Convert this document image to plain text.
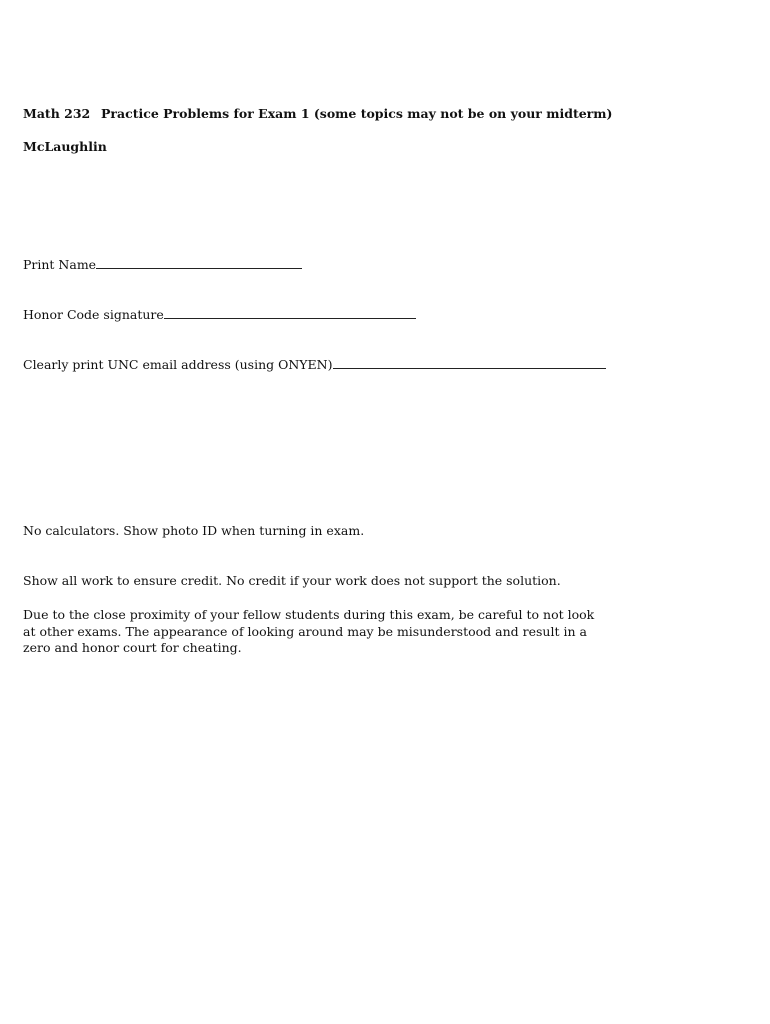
Math 232 Practice Problems for Exam 1 (some topics may not be on your midterm)
McLaughlin
Print Name
Honor Code signature
Clearly print UNC email address (using ONYEN)
No calculators. Show photo ID when turning in exam.
Show all work to ensure credit. No credit if your work does not support the solution.
Due to the close proximity of your fellow students during this exam, be careful to not look at other exams. The appearance of looking around may be misunderstood and result in a zero and honor court for cheating.
